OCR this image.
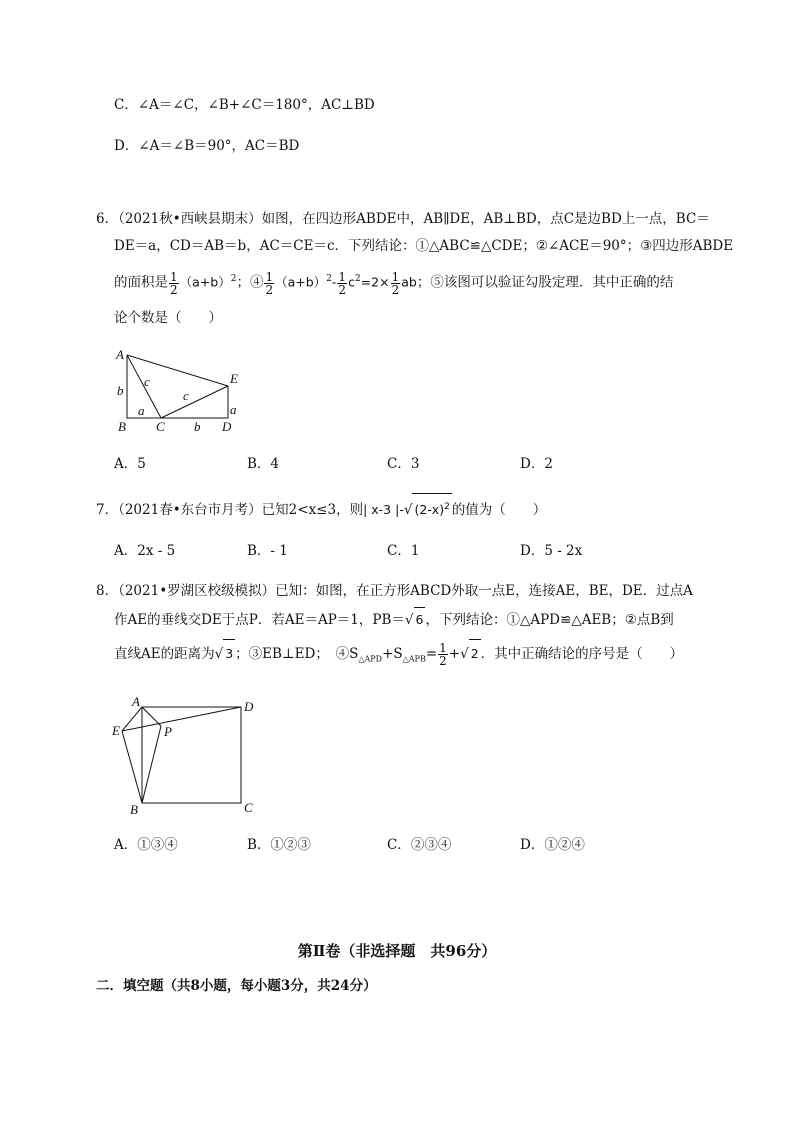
C．∠A＝∠C，∠B+∠C＝180°，AC⊥BD
D．∠A＝∠B＝90°，AC＝BD
6．（2021秋•西峡县期末）如图，在四边形ABDE中，AB∥DE，AB⊥BD，点C是边BD上一点，BC＝
DE＝a，CD＝AB＝b，AC＝CE＝c．下列结论：①△ABC≌△CDE；②∠ACE＝90°；③四边形ABDE
的面积是 $\frac{1}{2} (a+b)^2$；④ $\frac{1}{2} (a+b)^2- \frac{1}{2} c^2=2\times \frac{1}{2}$ ab；⑤该图可以验证勾股定理．其中正确的结
论个数是（　　）
A
B C	D
E
a
b
c
c
b
a
A．5	B．4	C．3	D．2
7．（2021春•东台市月考）已知2<x≤3，则| x-3 |-√ $(2-x)^2$ 的值为（　　）
A．2x - 5	B．- 1	C．1	D．5 - 2x
8．（2021•罗湖区校级模拟）已知：如图，在正方形ABCD外取一点E，连接AE，BE，DE．过点A
作AE的垂线交DE于点P．若AE＝AP＝1，PB＝√ 6 ，下列结论：①△APD≌△AEB；②点B到
直线AE的距离为√ 3 ；③EB⊥ED；　$④S_{\triangle APD}+S_{\triangle APB}= \frac{1}{2}$ +√ 2 ．其中正确结论的序号是（　　）
A	D
E	P
B	C
A．①③④	B．①②③	C．②③④	D．①②④
第Ⅱ卷（非选择题　共96分）
二．填空题（共8小题，每小题3分，共24分）
